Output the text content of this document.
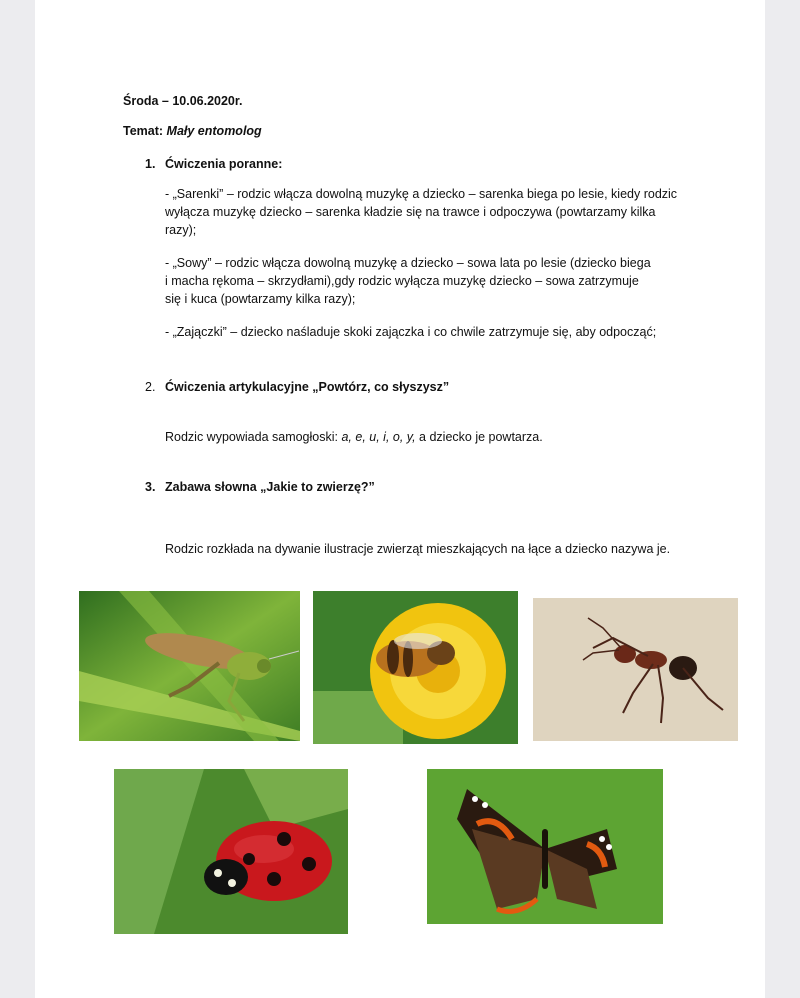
Środa – 10.06.2020r.
Temat: Mały entomolog
1. Ćwiczenia poranne:
- „Sarenki” – rodzic włącza dowolną muzykę a dziecko – sarenka biega po lesie, kiedy rodzic
wyłącza muzykę dziecko – sarenka kładzie się na trawce i odpoczywa (powtarzamy kilka
razy);
- „Sowy” – rodzic włącza dowolną muzykę a dziecko – sowa lata po lesie (dziecko biega
i macha rękoma – skrzydłami),gdy rodzic wyłącza muzykę dziecko – sowa zatrzymuje
się i kuca (powtarzamy kilka razy);
- „Zajączki” – dziecko naśladuje skoki zajączka i co chwile zatrzymuje się, aby odpocząć;
2. Ćwiczenia artykulacyjne „Powtórz, co słyszysz”
Rodzic wypowiada samogłoski: a, e, u, i, o, y, a dziecko je powtarza.
3. Zabawa słowna „Jakie to zwierzę?”
Rodzic rozkłada na dywanie ilustracje zwierząt mieszkających na łące a dziecko nazywa je.
